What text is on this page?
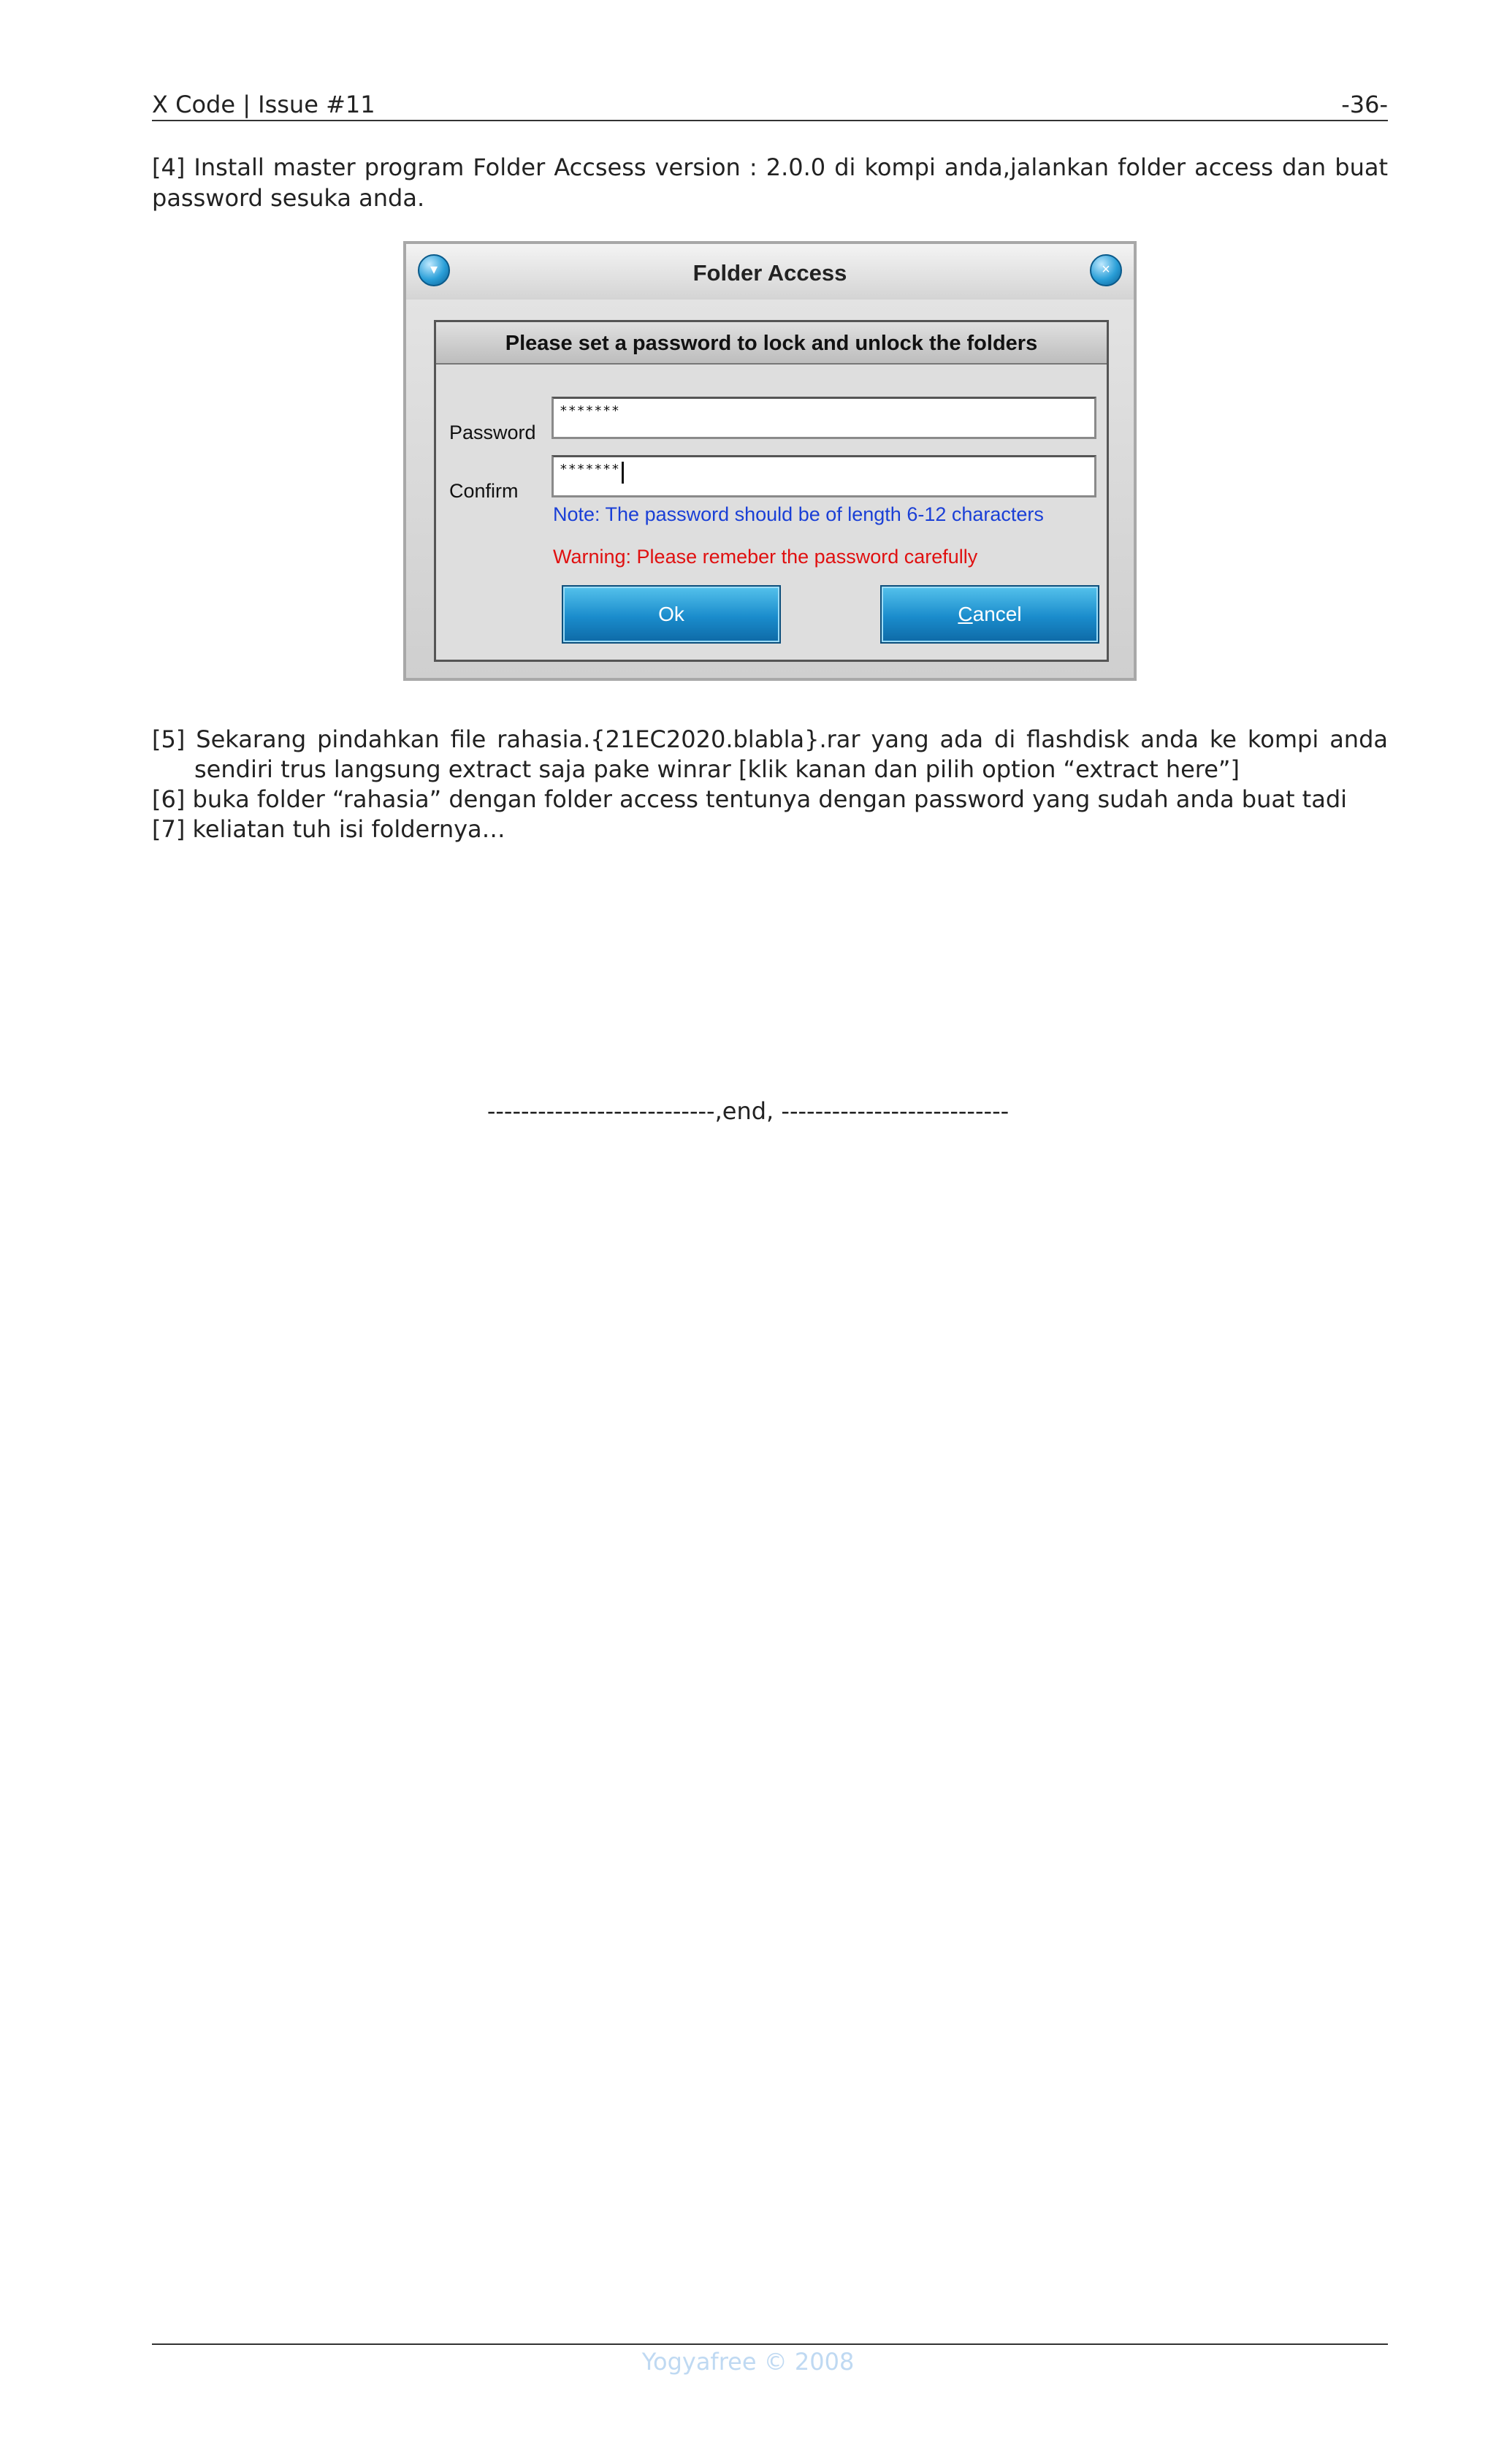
X Code | Issue #11	-36-

[4] Install master program Folder Accsess version : 2.0.0 di kompi anda,jalankan folder access dan buat password sesuka anda.

▾	Folder Access	×
Please set a password to lock and unlock the folders
Password
*******
Confirm
*******
Note: The password should be of length 6-12 characters
Warning: Please remeber the password carefully
Ok	Cancel

[5] Sekarang pindahkan file rahasia.{21EC2020.blabla}.rar yang ada di flashdisk anda ke kompi anda sendiri trus langsung extract saja pake winrar [klik kanan dan pilih option “extract here”]

[6] buka folder “rahasia” dengan folder access tentunya dengan password yang sudah anda buat tadi

[7] keliatan tuh isi foldernya…

---------------------------,end, ---------------------------
Yogyafree © 2008
